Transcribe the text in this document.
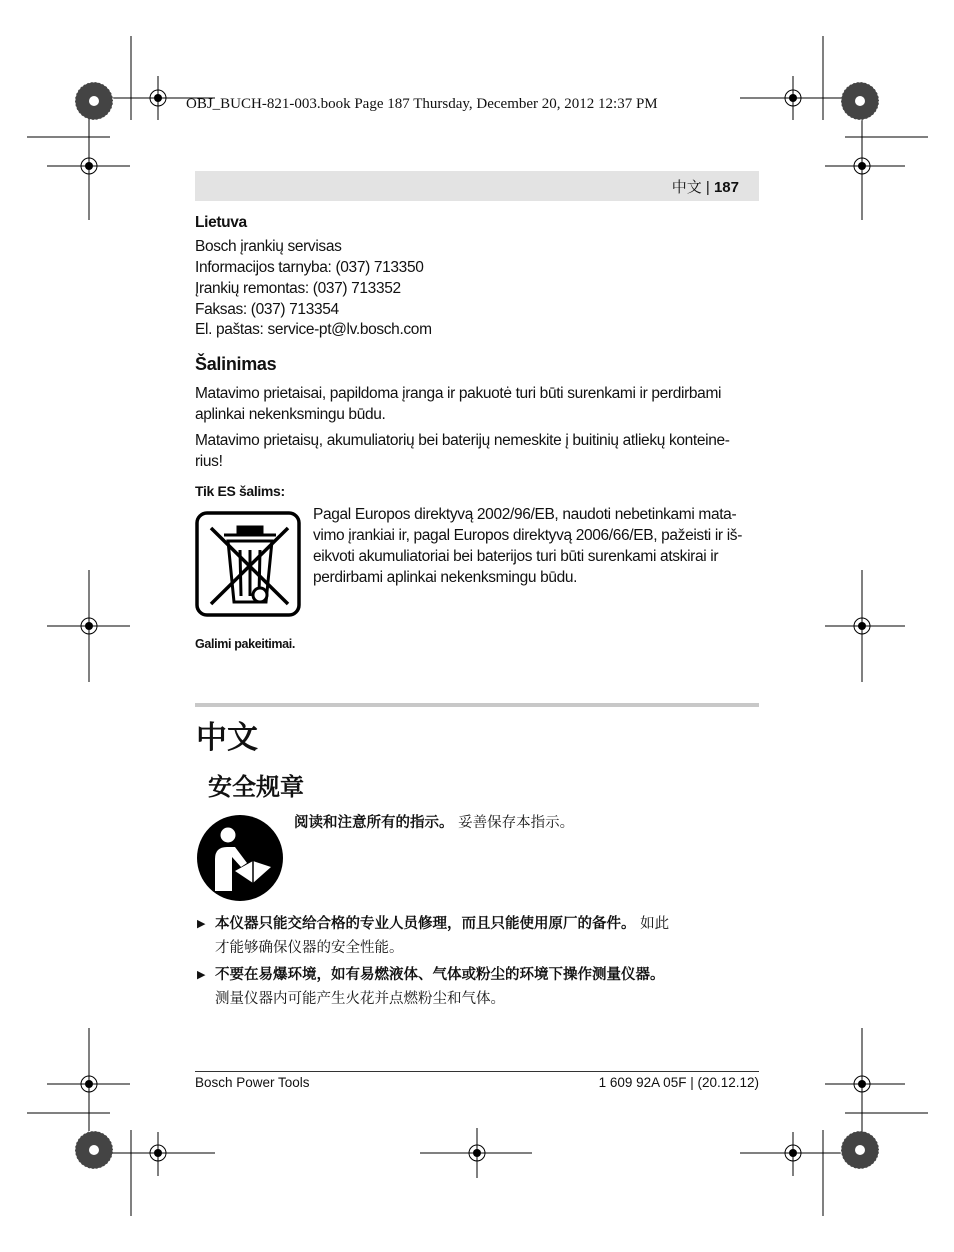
OBJ_BUCH-821-003.book Page 187 Thursday, December 20, 2012 12:37 PM
中文 | 187
Lietuva
Bosch įrankių servisas
Informacijos tarnyba: (037) 713350
Įrankių remontas: (037) 713352
Faksas: (037) 713354
El. paštas: service-pt@lv.bosch.com
Šalinimas
Matavimo prietaisai, papildoma įranga ir pakuotė turi būti surenkami ir perdirbami
aplinkai nekenksmingu būdu.
Matavimo prietaisų, akumuliatorių bei baterijų nemeskite į buitinių atliekų konteine-
rius!
Tik ES šalims:
Pagal Europos direktyvą 2002/96/EB, naudoti nebetinkami mata-
vimo įrankiai ir, pagal Europos direktyvą 2006/66/EB, pažeisti ir iš-
eikvoti akumuliatoriai bei baterijos turi būti surenkami atskirai ir
perdirbami aplinkai nekenksmingu būdu.
Galimi pakeitimai.
中文
安全规章
阅读和注意所有的指示。 妥善保存本指示。
▶ 本仪器只能交给合格的专业人员修理，而且只能使用原厂的备件。 如此
才能够确保仪器的安全性能。
▶ 不要在易爆环境，如有易燃液体、气体或粉尘的环境下操作测量仪器。
测量仪器内可能产生火花并点燃粉尘和气体。
Bosch Power Tools	1 609 92A 05F | (20.12.12)
